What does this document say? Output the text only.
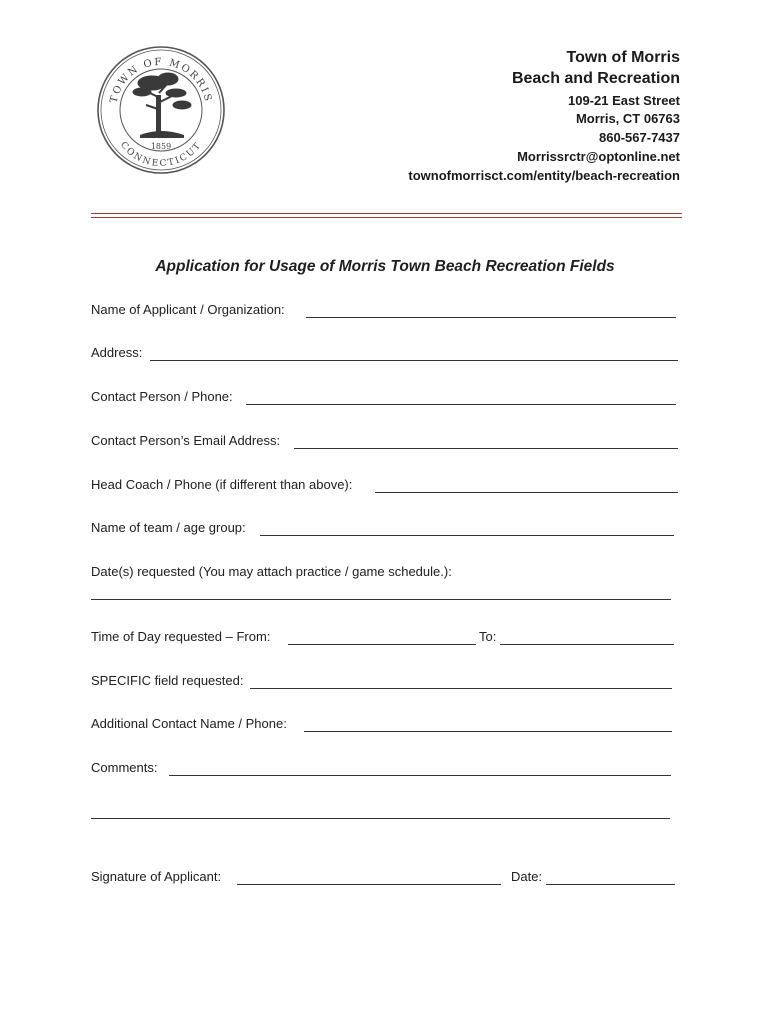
TOWN OF MORRIS
CONNECTICUT
1859
Town of Morris
Beach and Recreation
109-21 East Street
Morris, CT 06763
860-567-7437
Morrissrctr@optonline.net
townofmorrisct.com/entity/beach-recreation
Application for Usage of Morris Town Beach Recreation Fields
Name of Applicant / Organization:
Address:
Contact Person / Phone:
Contact Person’s Email Address:
Head Coach / Phone (if different than above):
Name of team / age group:
Date(s) requested (You may attach practice / game schedule.):
Time of Day requested – From:	To:
SPECIFIC field requested:
Additional Contact Name / Phone:
Comments:
Signature of Applicant:	Date:
